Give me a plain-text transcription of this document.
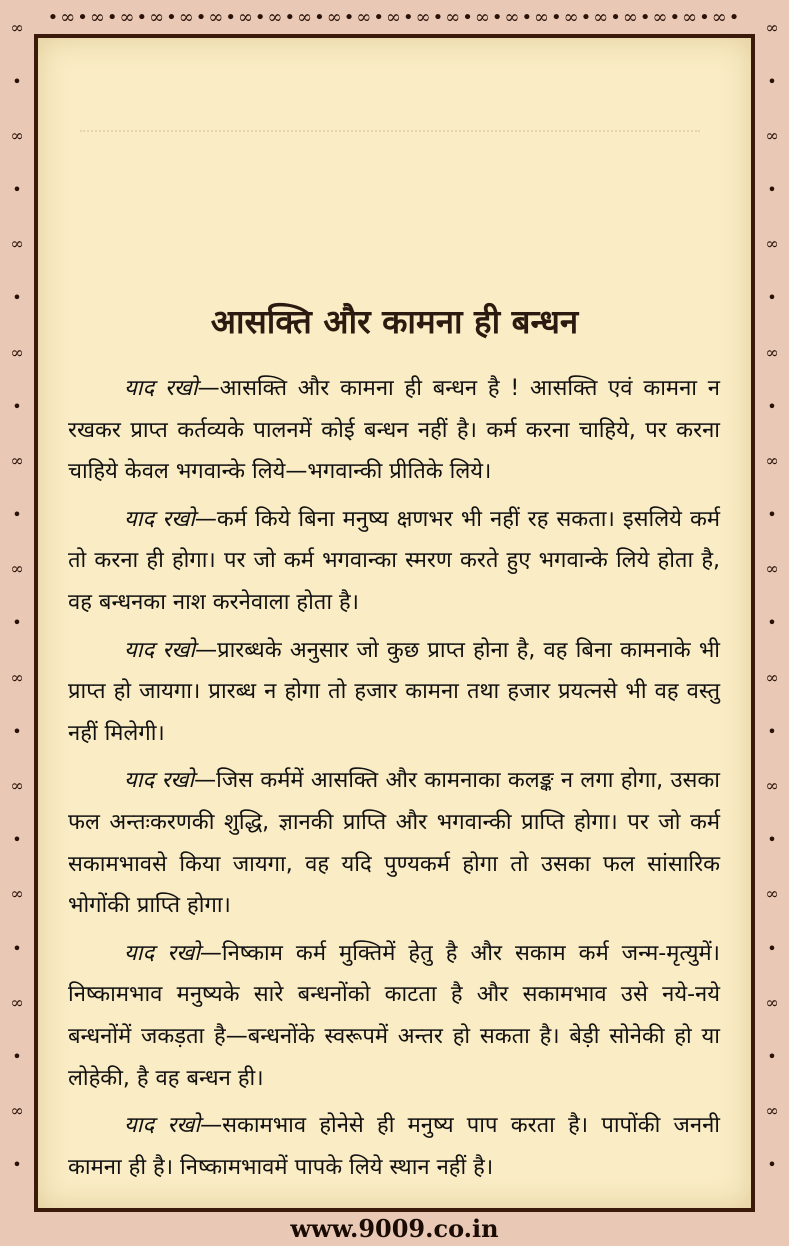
•∞•∞•∞•∞•∞•∞•∞•∞•∞•∞•∞•∞•∞•∞•∞•∞•∞•∞•∞•∞•∞•∞•∞•
∞
•
∞
•
∞
•
∞
•
∞
•
∞
•
∞
•
∞
•
∞
•
∞
•
∞
•
∞
•
∞
•
∞
•
∞
•
∞
•
∞
•
∞
•
∞
•
∞
•
∞
•
∞
•
आसक्ति और कामना ही बन्धन

याद रखो—आसक्ति और कामना ही बन्धन है ! आसक्ति एवं कामना न रखकर प्राप्त कर्तव्यके पालनमें कोई बन्धन नहीं है। कर्म करना चाहिये, पर करना चाहिये केवल भगवान्के लिये—भगवान्की प्रीतिके लिये।

याद रखो—कर्म किये बिना मनुष्य क्षणभर भी नहीं रह सकता। इसलिये कर्म तो करना ही होगा। पर जो कर्म भगवान्का स्मरण करते हुए भगवान्के लिये होता है, वह बन्धनका नाश करनेवाला होता है।

याद रखो—प्रारब्धके अनुसार जो कुछ प्राप्त होना है, वह बिना कामनाके भी प्राप्त हो जायगा। प्रारब्ध न होगा तो हजार कामना तथा हजार प्रयत्नसे भी वह वस्तु नहीं मिलेगी।

याद रखो—जिस कर्ममें आसक्ति और कामनाका कलङ्क न लगा होगा, उसका फल अन्तःकरणकी शुद्धि, ज्ञानकी प्राप्ति और भगवान्की प्राप्ति होगा। पर जो कर्म सकामभावसे किया जायगा, वह यदि पुण्यकर्म होगा तो उसका फल सांसारिक भोगोंकी प्राप्ति होगा।

याद रखो—निष्काम कर्म मुक्तिमें हेतु है और सकाम कर्म जन्म-मृत्युमें। निष्कामभाव मनुष्यके सारे बन्धनोंको काटता है और सकामभाव उसे नये-नये बन्धनोंमें जकड़ता है—बन्धनोंके स्वरूपमें अन्तर हो सकता है। बेड़ी सोनेकी हो या लोहेकी, है वह बन्धन ही।

याद रखो—सकामभाव होनेसे ही मनुष्य पाप करता है। पापोंकी जननी कामना ही है। निष्कामभावमें पापके लिये स्थान नहीं है।

www.9009.co.in
